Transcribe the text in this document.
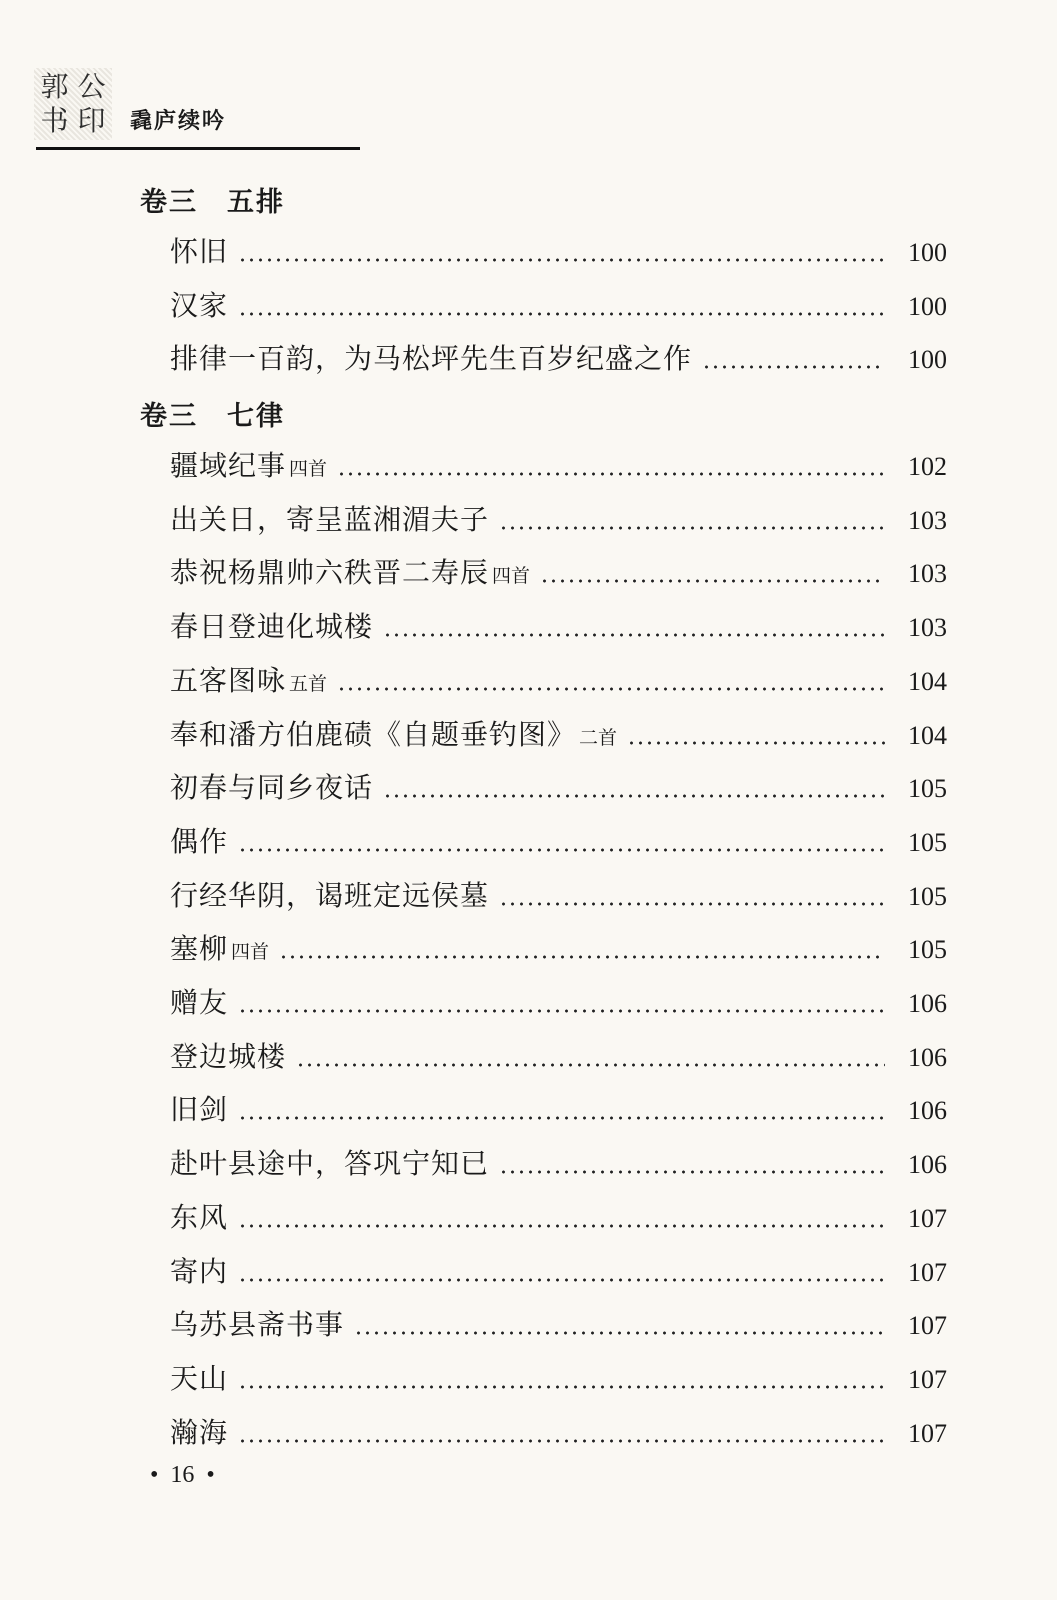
郭 公
书 印 毳庐续吟
卷三　五排
怀旧	100
汉家	100
排律一百韵，为马松坪先生百岁纪盛之作	100
卷三　七律
疆域纪事 四首	102
出关日，寄呈蓝湘湄夫子	103
恭祝杨鼎帅六秩晋二寿辰 四首	103
春日登迪化城楼	103
五客图咏 五首	104
奉和潘方伯鹿碛《自题垂钓图》 二首	104
初春与同乡夜话	105
偶作	105
行经华阴，谒班定远侯墓	105
塞柳 四首	105
赠友	106
登边城楼	106
旧剑	106
赴叶县途中，答巩宁知已	106
东风	107
寄内	107
乌苏县斋书事	107
天山	107
瀚海	107
•  16  •
